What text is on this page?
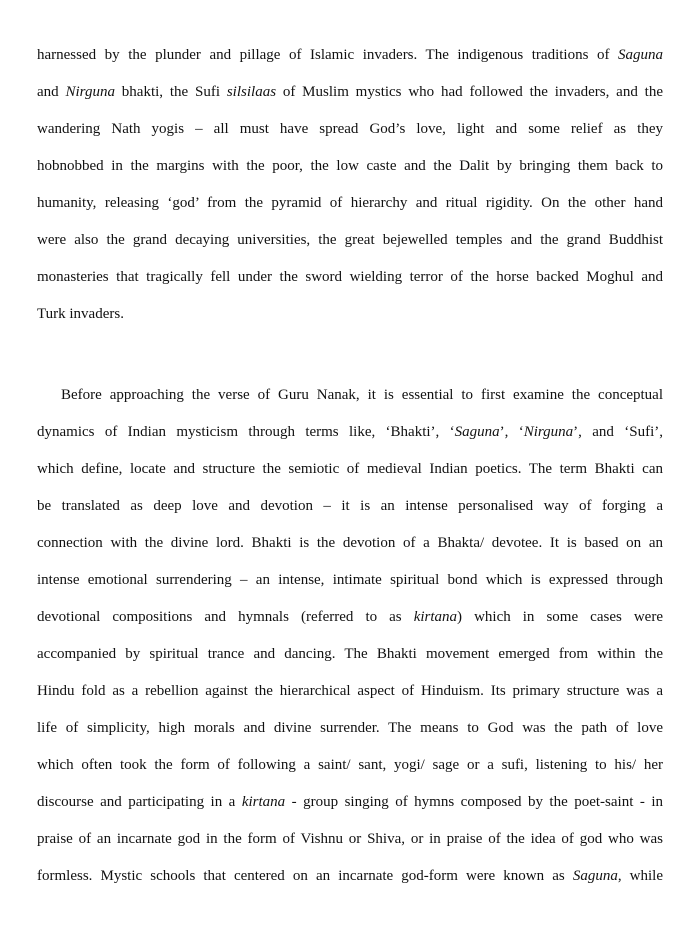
harnessed by the plunder and pillage of Islamic invaders. The indigenous traditions of Saguna
and Nirguna bhakti, the Sufi silsilaas of Muslim mystics who had followed the invaders, and the
wandering Nath yogis – all must have spread God’s love, light and some relief as they
hobnobbed in the margins with the poor, the low caste and the Dalit by bringing them back to
humanity, releasing ‘god’ from the pyramid of hierarchy and ritual rigidity. On the other hand
were also the grand decaying universities, the great bejewelled temples and the grand Buddhist
monasteries that tragically fell under the sword wielding terror of the horse backed Moghul and
Turk invaders.
Before approaching the verse of Guru Nanak, it is essential to first examine the conceptual
dynamics of Indian mysticism through terms like, ‘Bhakti’, ‘Saguna’, ‘Nirguna’, and ‘Sufi’,
which define, locate and structure the semiotic of medieval Indian poetics. The term Bhakti can
be translated as deep love and devotion – it is an intense personalised way of forging a
connection with the divine lord. Bhakti is the devotion of a Bhakta/ devotee. It is based on an
intense emotional surrendering – an intense, intimate spiritual bond which is expressed through
devotional compositions and hymnals (referred to as kirtana) which in some cases were
accompanied by spiritual trance and dancing. The Bhakti movement emerged from within the
Hindu fold as a rebellion against the hierarchical aspect of Hinduism. Its primary structure was a
life of simplicity, high morals and divine surrender. The means to God was the path of love
which often took the form of following a saint/ sant, yogi/ sage or a sufi, listening to his/ her
discourse and participating in a kirtana - group singing of hymns composed by the poet-saint - in
praise of an incarnate god in the form of Vishnu or Shiva, or in praise of the idea of god who was
formless. Mystic schools that centered on an incarnate god-form were known as Saguna, while
